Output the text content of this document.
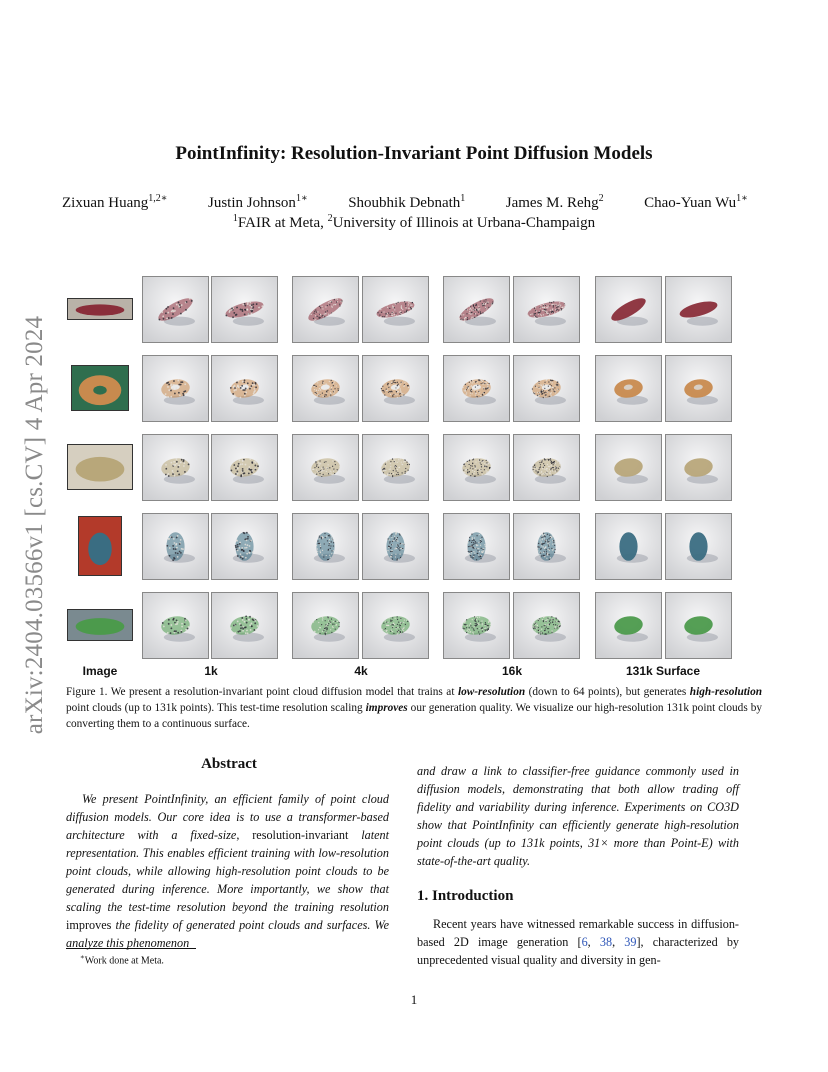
arXiv:2404.03566v1 [cs.CV] 4 Apr 2024
PointInfinity: Resolution-Invariant Point Diffusion Models
Zixuan Huang$^{1,2∗}$	Justin Johnson$^{1∗}$	Shoubhik Debnath$^1$	James M. Rehg$^2$	Chao-Yuan $Wu^{1∗}$
$^1$FAIR at Meta, $^2$University of Illinois at Urbana-Champaign
Image	1k	4k	16k	131k Surface
Figure 1. We present a resolution-invariant point cloud diffusion model that trains at low-resolution (down to 64 points), but generates high-resolution point clouds (up to 131k points). This test-time resolution scaling improves our generation quality. We visualize our high-resolution 131k point clouds by converting them to a continuous surface.
Abstract
We present PointInfinity, an efficient family of point cloud diffusion models. Our core idea is to use a transformer-based architecture with a fixed-size, resolution-invariant latent representation. This enables efficient training with low-resolution point clouds, while allowing high-resolution point clouds to be generated during inference. More importantly, we show that scaling the test-time resolution beyond the training resolution improves the fidelity of generated point clouds and surfaces. We analyze this phenomenon
and draw a link to classifier-free guidance commonly used in diffusion models, demonstrating that both allow trading off fidelity and variability during inference. Experiments on CO3D show that PointInfinity can efficiently generate high-resolution point clouds (up to 131k points, 31× more than Point-E) with state-of-the-art quality.
1. Introduction
Recent years have witnessed remarkable success in diffusion-based 2D image generation [6, 38, 39], characterized by unprecedented visual quality and diversity in gen-
∗Work done at Meta.
1
